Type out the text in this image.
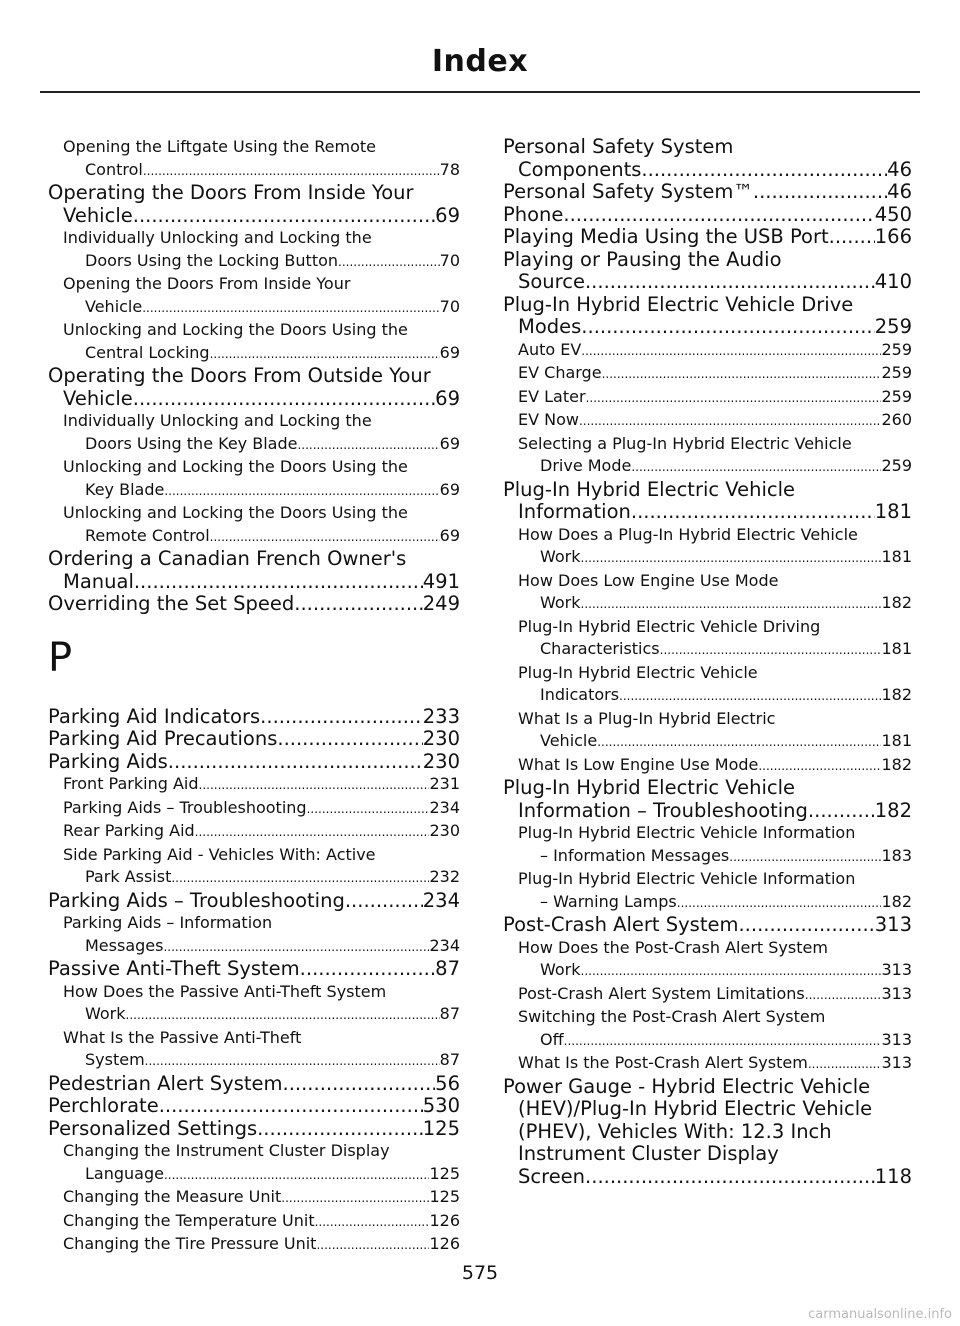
Index
Opening the Liftgate Using the Remote
Control .....	78
Operating the Doors From Inside Your
Vehicle .....	69
Individually Unlocking and Locking the
Doors Using the Locking Button .....	70
Opening the Doors From Inside Your
Vehicle .....	70
Unlocking and Locking the Doors Using the
Central Locking .....	69
Operating the Doors From Outside Your
Vehicle .....	69
Individually Unlocking and Locking the
Doors Using the Key Blade .....	69
Unlocking and Locking the Doors Using the
Key Blade .....	69
Unlocking and Locking the Doors Using the
Remote Control .....	69
Ordering a Canadian French Owner's
Manual .....	491
Overriding the Set Speed .....	249
P
Parking Aid Indicators .....	233
Parking Aid Precautions .....	230
Parking Aids .....	230
Front Parking Aid .....	231
Parking Aids – Troubleshooting .....	234
Rear Parking Aid .....	230
Side Parking Aid - Vehicles With: Active
Park Assist .....	232
Parking Aids – Troubleshooting .....	234
Parking Aids – Information
Messages .....	234
Passive Anti-Theft System .....	87
How Does the Passive Anti-Theft System
Work .....	87
What Is the Passive Anti-Theft
System .....	87
Pedestrian Alert System .....	56
Perchlorate .....	530
Personalized Settings .....	125
Changing the Instrument Cluster Display
Language .....	125
Changing the Measure Unit .....	125
Changing the Temperature Unit .....	126
Changing the Tire Pressure Unit .....	126
Personal Safety System
Components .....	46
Personal Safety System™ .....	46
Phone .....	450
Playing Media Using the USB Port ..... 166
Playing or Pausing the Audio
Source .....	410
Plug-In Hybrid Electric Vehicle Drive
Modes .....	259
Auto EV .....	259
EV Charge .....	259
EV Later .....	259
EV Now .....	260
Selecting a Plug-In Hybrid Electric Vehicle
Drive Mode .....	259
Plug-In Hybrid Electric Vehicle
Information .....	181
How Does a Plug-In Hybrid Electric Vehicle
Work .....	181
How Does Low Engine Use Mode
Work .....	182
Plug-In Hybrid Electric Vehicle Driving
Characteristics .....	181
Plug-In Hybrid Electric Vehicle
Indicators .....	182
What Is a Plug-In Hybrid Electric
Vehicle .....	181
What Is Low Engine Use Mode .....	182
Plug-In Hybrid Electric Vehicle
Information – Troubleshooting .....	182
Plug-In Hybrid Electric Vehicle Information
– Information Messages .....	183
Plug-In Hybrid Electric Vehicle Information
– Warning Lamps .....	182
Post-Crash Alert System .....	313
How Does the Post-Crash Alert System
Work .....	313
Post-Crash Alert System Limitations .....	313
Switching the Post-Crash Alert System
Off .....	313
What Is the Post-Crash Alert System .....	313
Power Gauge - Hybrid Electric Vehicle
(HEV)/Plug-In Hybrid Electric Vehicle
(PHEV), Vehicles With: 12.3 Inch
Instrument Cluster Display
Screen .....	118
575
carmanualsonline.info
